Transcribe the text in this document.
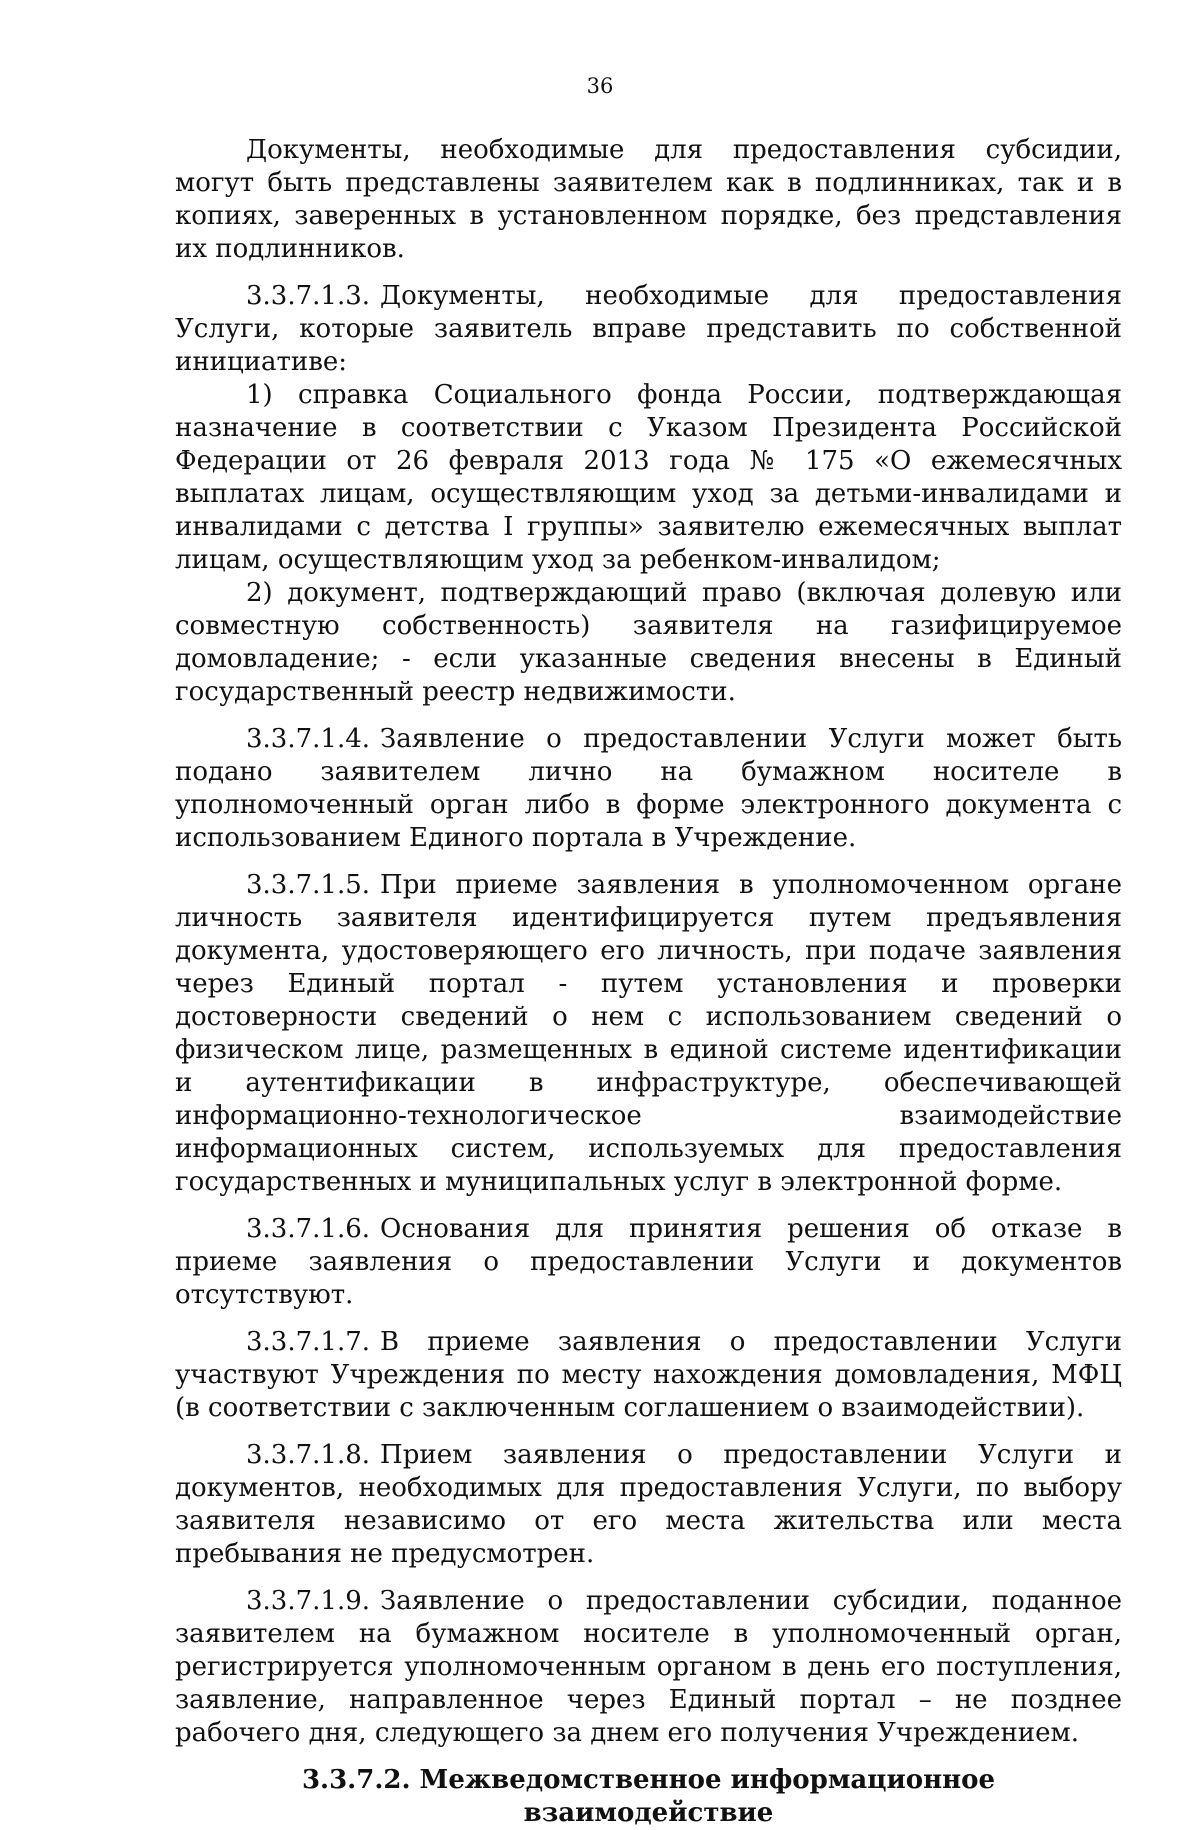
36

Документы, необходимые для предоставления субсидии, могут быть представлены заявителем как в подлинниках, так и в копиях, заверенных в установленном порядке, без представления их подлинников.

3.3.7.1.3. Документы, необходимые для предоставления Услуги, которые заявитель вправе представить по собственной инициативе:

1) справка Социального фонда России, подтверждающая назначение в соответствии с Указом Президента Российской Федерации от 26 февраля 2013 года № 175 «О ежемесячных выплатах лицам, осуществляющим уход за детьми-инвалидами и инвалидами с детства I группы» заявителю ежемесячных выплат лицам, осуществляющим уход за ребенком-инвалидом;

2) документ, подтверждающий право (включая долевую или совместную собственность) заявителя на газифицируемое домовладение; - если указанные сведения внесены в Единый государственный реестр недвижимости.

3.3.7.1.4. Заявление о предоставлении Услуги может быть подано заявителем лично на бумажном носителе в уполномоченный орган либо в форме электронного документа с использованием Единого портала в Учреждение.

3.3.7.1.5. При приеме заявления в уполномоченном органе личность заявителя идентифицируется путем предъявления документа, удостоверяющего его личность, при подаче заявления через Единый портал - путем установления и проверки достоверности сведений о нем с использованием сведений о физическом лице, размещенных в единой системе идентификации и аутентификации в инфраструктуре, обеспечивающей информационно-технологическое взаимодействие информационных систем, используемых для предоставления государственных и муниципальных услуг в электронной форме.

3.3.7.1.6. Основания для принятия решения об отказе в приеме заявления о предоставлении Услуги и документов отсутствуют.

3.3.7.1.7. В приеме заявления о предоставлении Услуги участвуют Учреждения по месту нахождения домовладения, МФЦ (в соответствии с заключенным соглашением о взаимодействии).

3.3.7.1.8. Прием заявления о предоставлении Услуги и документов, необходимых для предоставления Услуги, по выбору заявителя независимо от его места жительства или места пребывания не предусмотрен.

3.3.7.1.9. Заявление о предоставлении субсидии, поданное заявителем на бумажном носителе в уполномоченный орган, регистрируется уполномоченным органом в день его поступления, заявление, направленное через Единый портал – не позднее рабочего дня, следующего за днем его получения Учреждением.

3.3.7.2. Межведомственное информационное взаимодействие
